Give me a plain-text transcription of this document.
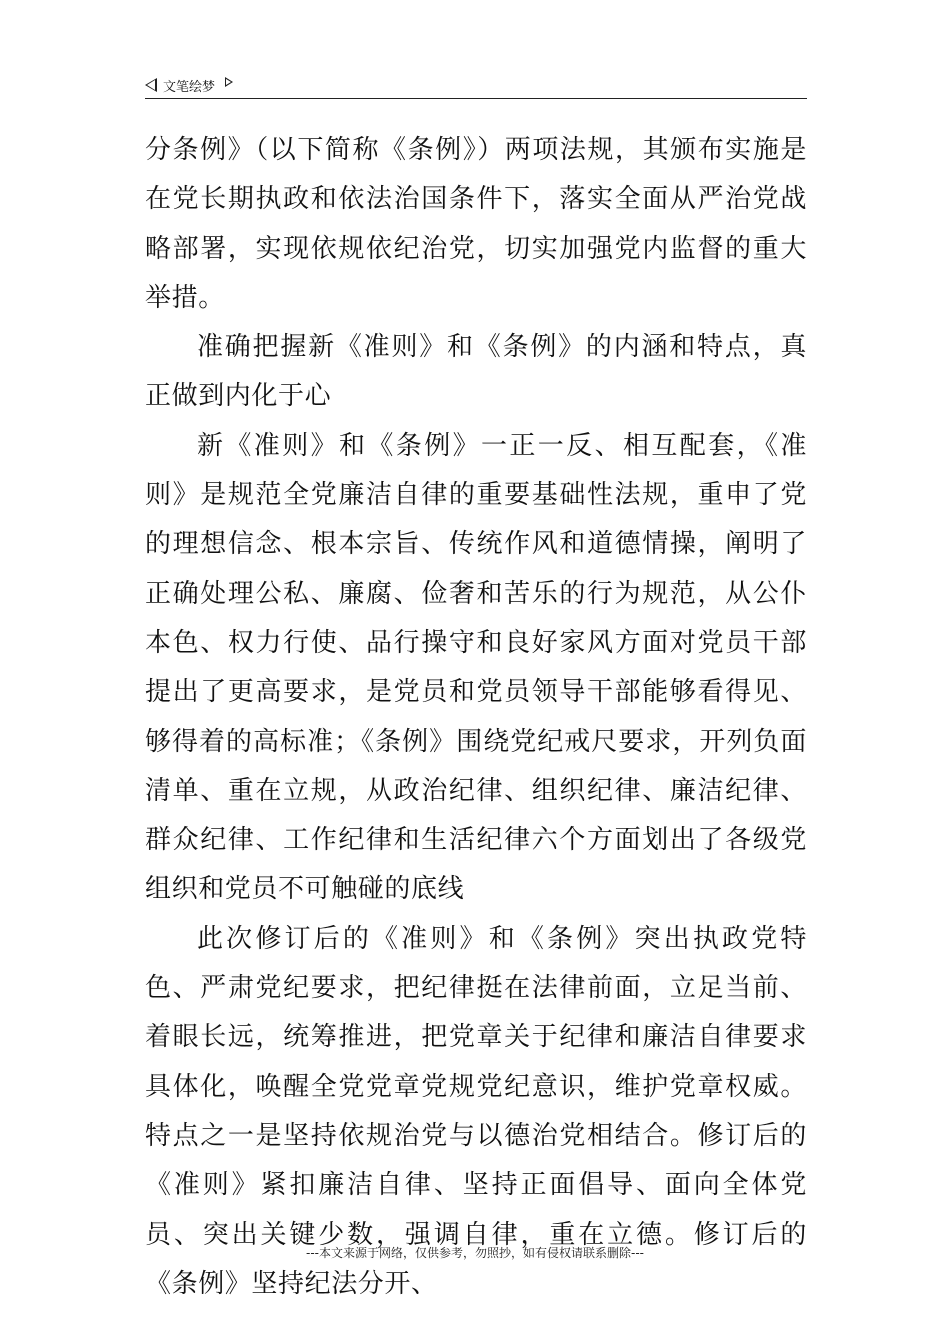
文笔绘梦

分条例》（以下简称《条例》）两项法规，其颁布实施是在党长期执政和依法治国条件下，落实全面从严治党战略部署，实现依规依纪治党，切实加强党内监督的重大举措。

准确把握新《准则》和《条例》的内涵和特点，真正做到内化于心

新《准则》和《条例》一正一反、相互配套，《准则》是规范全党廉洁自律的重要基础性法规，重申了党的理想信念、根本宗旨、传统作风和道德情操，阐明了正确处理公私、廉腐、俭奢和苦乐的行为规范，从公仆本色、权力行使、品行操守和良好家风方面对党员干部提出了更高要求，是党员和党员领导干部能够看得见、够得着的高标准；《条例》围绕党纪戒尺要求，开列负面清单、重在立规，从政治纪律、组织纪律、廉洁纪律、群众纪律、工作纪律和生活纪律六个方面划出了各级党组织和党员不可触碰的底线

此次修订后的《准则》和《条例》突出执政党特色、严肃党纪要求，把纪律挺在法律前面，立足当前、着眼长远，统筹推进，把党章关于纪律和廉洁自律要求具体化，唤醒全党党章党规党纪意识，维护党章权威。特点之一是坚持依规治党与以德治党相结合。修订后的《准则》紧扣廉洁自律、坚持正面倡导、面向全体党员、突出关键少数，强调自律，重在立德。修订后的《条例》坚持纪法分开、

---本文来源于网络，仅供参考，勿照抄，如有侵权请联系删除---
